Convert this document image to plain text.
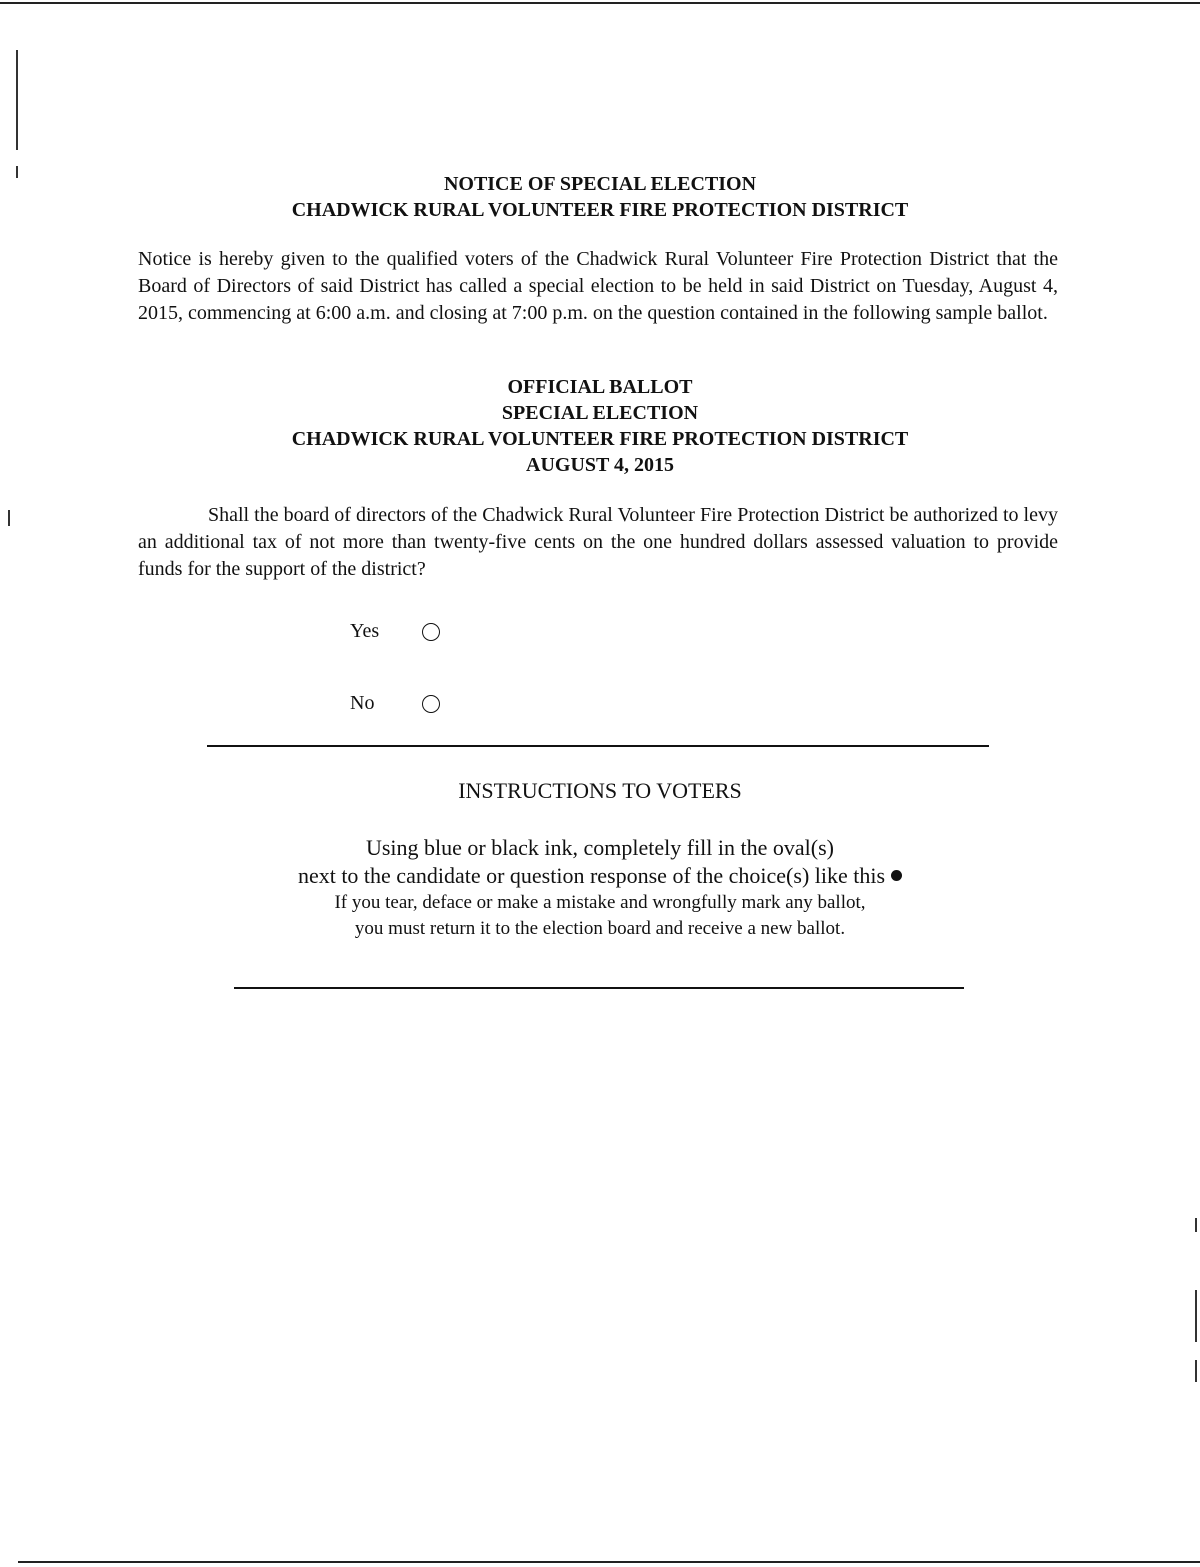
NOTICE OF SPECIAL ELECTION
CHADWICK RURAL VOLUNTEER FIRE PROTECTION DISTRICT
Notice is hereby given to the qualified voters of the Chadwick Rural Volunteer Fire Protection District that the Board of Directors of said District has called a special election to be held in said District on Tuesday, August 4, 2015, commencing at 6:00 a.m. and closing at 7:00 p.m. on the question contained in the following sample ballot.
OFFICIAL BALLOT
SPECIAL ELECTION
CHADWICK RURAL VOLUNTEER FIRE PROTECTION DISTRICT
AUGUST 4, 2015
Shall the board of directors of the Chadwick Rural Volunteer Fire Protection District be authorized to levy an additional tax of not more than twenty-five cents on the one hundred dollars assessed valuation to provide funds for the support of the district?
Yes
No
INSTRUCTIONS TO VOTERS
Using blue or black ink, completely fill in the oval(s)
next to the candidate or question response of the choice(s) like this
If you tear, deface or make a mistake and wrongfully mark any ballot,
you must return it to the election board and receive a new ballot.
